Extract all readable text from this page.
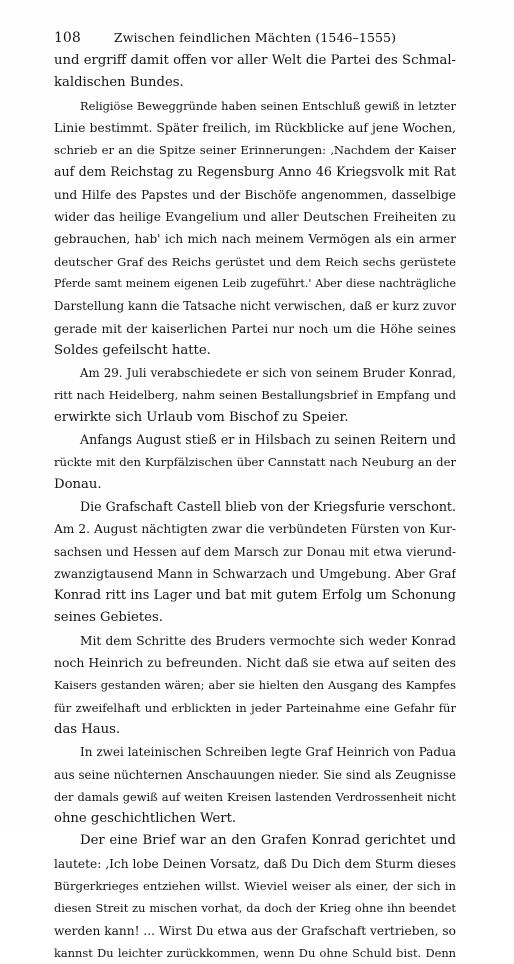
108	Zwischen feindlichen Mächten (1546–1555)
und ergriff damit offen vor aller Welt die Partei des Schmal-
kaldischen Bundes.
Religiöse Beweggründe haben seinen Entschluß gewiß in letzter
Linie bestimmt. Später freilich, im Rückblicke auf jene Wochen,
schrieb er an die Spitze seiner Erinnerungen: ‚Nachdem der Kaiser
auf dem Reichstag zu Regensburg Anno 46 Kriegsvolk mit Rat
und Hilfe des Papstes und der Bischöfe angenommen, dasselbige
wider das heilige Evangelium und aller Deutschen Freiheiten zu
gebrauchen, hab' ich mich nach meinem Vermögen als ein armer
deutscher Graf des Reichs gerüstet und dem Reich sechs gerüstete
Pferde samt meinem eigenen Leib zugeführt.' Aber diese nachträgliche
Darstellung kann die Tatsache nicht verwischen, daß er kurz zuvor
gerade mit der kaiserlichen Partei nur noch um die Höhe seines
Soldes gefeilscht hatte.
Am 29. Juli verabschiedete er sich von seinem Bruder Konrad,
ritt nach Heidelberg, nahm seinen Bestallungsbrief in Empfang und
erwirkte sich Urlaub vom Bischof zu Speier.
Anfangs August stieß er in Hilsbach zu seinen Reitern und
rückte mit den Kurpfälzischen über Cannstatt nach Neuburg an der
Donau.
Die Grafschaft Castell blieb von der Kriegsfurie verschont.
Am 2. August nächtigten zwar die verbündeten Fürsten von Kur-
sachsen und Hessen auf dem Marsch zur Donau mit etwa vierund-
zwanzigtausend Mann in Schwarzach und Umgebung. Aber Graf
Konrad ritt ins Lager und bat mit gutem Erfolg um Schonung
seines Gebietes.
Mit dem Schritte des Bruders vermochte sich weder Konrad
noch Heinrich zu befreunden. Nicht daß sie etwa auf seiten des
Kaisers gestanden wären; aber sie hielten den Ausgang des Kampfes
für zweifelhaft und erblickten in jeder Parteinahme eine Gefahr für
das Haus.
In zwei lateinischen Schreiben legte Graf Heinrich von Padua
aus seine nüchternen Anschauungen nieder. Sie sind als Zeugnisse
der damals gewiß auf weiten Kreisen lastenden Verdrossenheit nicht
ohne geschichtlichen Wert.
Der eine Brief war an den Grafen Konrad gerichtet und
lautete: ‚Ich lobe Deinen Vorsatz, daß Du Dich dem Sturm dieses
Bürgerkrieges entziehen willst. Wieviel weiser als einer, der sich in
diesen Streit zu mischen vorhat, da doch der Krieg ohne ihn beendet
werden kann! ... Wirst Du etwa aus der Grafschaft vertrieben, so
kannst Du leichter zurückkommen, wenn Du ohne Schuld bist. Denn
